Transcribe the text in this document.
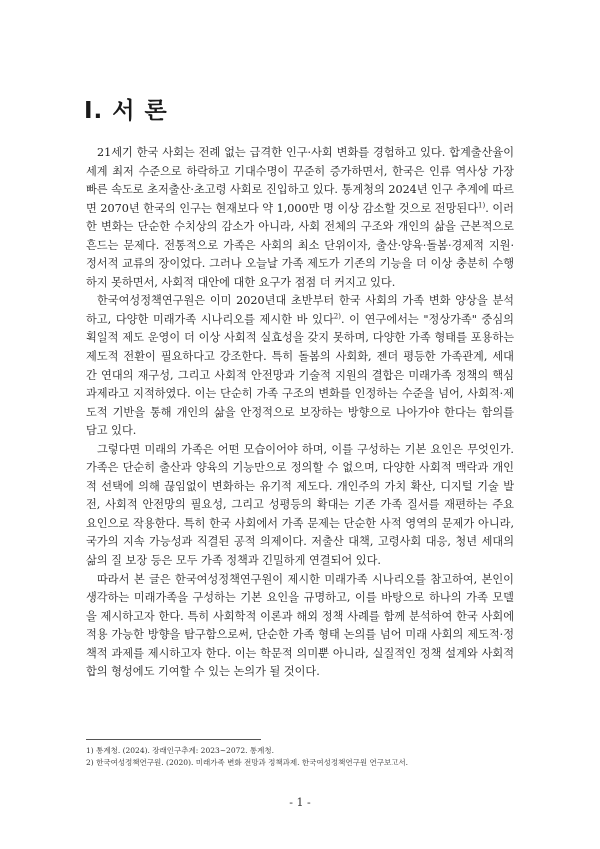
Ⅰ. 서 론

21세기 한국 사회는 전례 없는 급격한 인구·사회 변화를 경험하고 있다. 합계출산율이 세계 최저 수준으로 하락하고 기대수명이 꾸준히 증가하면서, 한국은 인류 역사상 가장 빠른 속도로 초저출산·초고령 사회로 진입하고 있다. 통계청의 2024년 인구 추계에 따르면 2070년 한국의 인구는 현재보다 약 1,000만 명 이상 감소할 것으로 전망된다$^{1)}$. 이러한 변화는 단순한 수치상의 감소가 아니라, 사회 전체의 구조와 개인의 삶을 근본적으로 흔드는 문제다. 전통적으로 가족은 사회의 최소 단위이자, 출산·양육·돌봄·경제적 지원·정서적 교류의 장이었다. 그러나 오늘날 가족 제도가 기존의 기능을 더 이상 충분히 수행하지 못하면서, 사회적 대안에 대한 요구가 점점 더 커지고 있다.

한국여성정책연구원은 이미 2020년대 초반부터 한국 사회의 가족 변화 양상을 분석하고, 다양한 미래가족 시나리오를 제시한 바 있다$^{2)}$. 이 연구에서는 "정상가족" 중심의 획일적 제도 운영이 더 이상 사회적 실효성을 갖지 못하며, 다양한 가족 형태를 포용하는 제도적 전환이 필요하다고 강조한다. 특히 돌봄의 사회화, 젠더 평등한 가족관계, 세대 간 연대의 재구성, 그리고 사회적 안전망과 기술적 지원의 결합은 미래가족 정책의 핵심 과제라고 지적하였다. 이는 단순히 가족 구조의 변화를 인정하는 수준을 넘어, 사회적·제도적 기반을 통해 개인의 삶을 안정적으로 보장하는 방향으로 나아가야 한다는 함의를 담고 있다.

그렇다면 미래의 가족은 어떤 모습이어야 하며, 이를 구성하는 기본 요인은 무엇인가. 가족은 단순히 출산과 양육의 기능만으로 정의할 수 없으며, 다양한 사회적 맥락과 개인적 선택에 의해 끊임없이 변화하는 유기적 제도다. 개인주의 가치 확산, 디지털 기술 발전, 사회적 안전망의 필요성, 그리고 성평등의 확대는 기존 가족 질서를 재편하는 주요 요인으로 작용한다. 특히 한국 사회에서 가족 문제는 단순한 사적 영역의 문제가 아니라, 국가의 지속 가능성과 직결된 공적 의제이다. 저출산 대책, 고령사회 대응, 청년 세대의 삶의 질 보장 등은 모두 가족 정책과 긴밀하게 연결되어 있다.

따라서 본 글은 한국여성정책연구원이 제시한 미래가족 시나리오를 참고하여, 본인이 생각하는 미래가족을 구성하는 기본 요인을 규명하고, 이를 바탕으로 하나의 가족 모델을 제시하고자 한다. 특히 사회학적 이론과 해외 정책 사례를 함께 분석하여 한국 사회에 적용 가능한 방향을 탐구함으로써, 단순한 가족 형태 논의를 넘어 미래 사회의 제도적·정책적 과제를 제시하고자 한다. 이는 학문적 의미뿐 아니라, 실질적인 정책 설계와 사회적 합의 형성에도 기여할 수 있는 논의가 될 것이다.

1) 통계청. (2024). 장래인구추계: 2023~2072. 통계청.
2) 한국여성정책연구원. (2020). 미래가족 변화 전망과 정책과제. 한국여성정책연구원 연구보고서.
- 1 -
